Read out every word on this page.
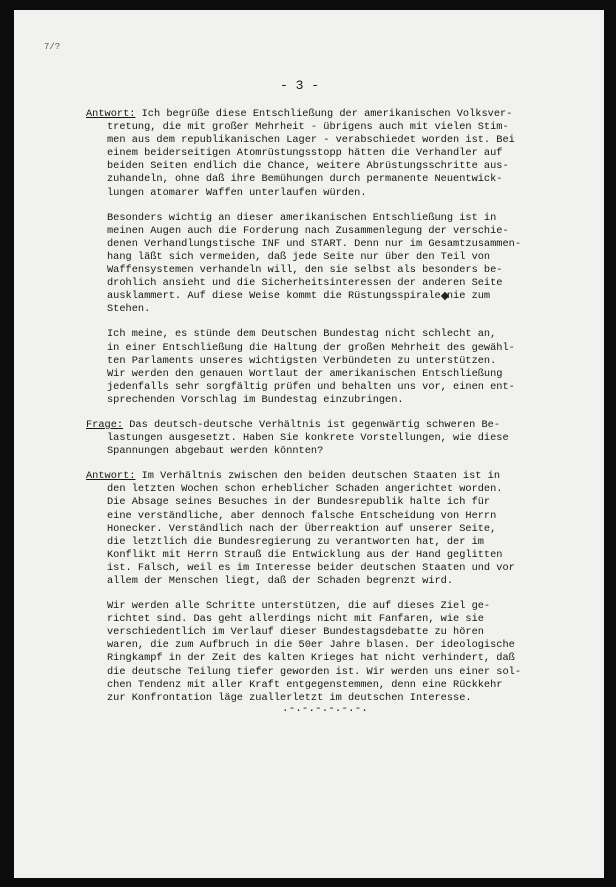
7/?
- 3 -
Antwort: Ich begrüße diese Entschließung der amerikanischen Volksver-
tretung, die mit großer Mehrheit - übrigens auch mit vielen Stim-
men aus dem republikanischen Lager - verabschiedet worden ist. Bei
einem beiderseitigen Atomrüstungsstopp hätten die Verhandler auf
beiden Seiten endlich die Chance, weitere Abrüstungsschritte aus-
zuhandeln, ohne daß ihre Bemühungen durch permanente Neuentwick-
lungen atomarer Waffen unterlaufen würden.
Besonders wichtig an dieser amerikanischen Entschließung ist in
meinen Augen auch die Forderung nach Zusammenlegung der verschie-
denen Verhandlungstische INF und START. Denn nur im Gesamtzusammen-
hang läßt sich vermeiden, daß jede Seite nur über den Teil von
Waffensystemen verhandeln will, den sie selbst als besonders be-
drohlich ansieht und die Sicherheitsinteressen der anderen Seite
ausklammert. Auf diese Weise kommt die Rüstungsspirale nie zum
Stehen.
Ich meine, es stünde dem Deutschen Bundestag nicht schlecht an,
in einer Entschließung die Haltung der großen Mehrheit des gewähl-
ten Parlaments unseres wichtigsten Verbündeten zu unterstützen.
Wir werden den genauen Wortlaut der amerikanischen Entschließung
jedenfalls sehr sorgfältig prüfen und behalten uns vor, einen ent-
sprechenden Vorschlag im Bundestag einzubringen.
Frage: Das deutsch-deutsche Verhältnis ist gegenwärtig schweren Be-
lastungen ausgesetzt. Haben Sie konkrete Vorstellungen, wie diese
Spannungen abgebaut werden könnten?
Antwort: Im Verhältnis zwischen den beiden deutschen Staaten ist in
den letzten Wochen schon erheblicher Schaden angerichtet worden.
Die Absage seines Besuches in der Bundesrepublik halte ich für
eine verständliche, aber dennoch falsche Entscheidung von Herrn
Honecker. Verständlich nach der Überreaktion auf unserer Seite,
die letztlich die Bundesregierung zu verantworten hat, der im
Konflikt mit Herrn Strauß die Entwicklung aus der Hand geglitten
ist. Falsch, weil es im Interesse beider deutschen Staaten und vor
allem der Menschen liegt, daß der Schaden begrenzt wird.
Wir werden alle Schritte unterstützen, die auf dieses Ziel ge-
richtet sind. Das geht allerdings nicht mit Fanfaren, wie sie
verschiedentlich im Verlauf dieser Bundestagsdebatte zu hören
waren, die zum Aufbruch in die 50er Jahre blasen. Der ideologische
Ringkampf in der Zeit des kalten Krieges hat nicht verhindert, daß
die deutsche Teilung tiefer geworden ist. Wir werden uns einer sol-
chen Tendenz mit aller Kraft entgegenstemmen, denn eine Rückkehr
zur Konfrontation läge zuallerletzt im deutschen Interesse.
.-.-.-.-.-.-.
